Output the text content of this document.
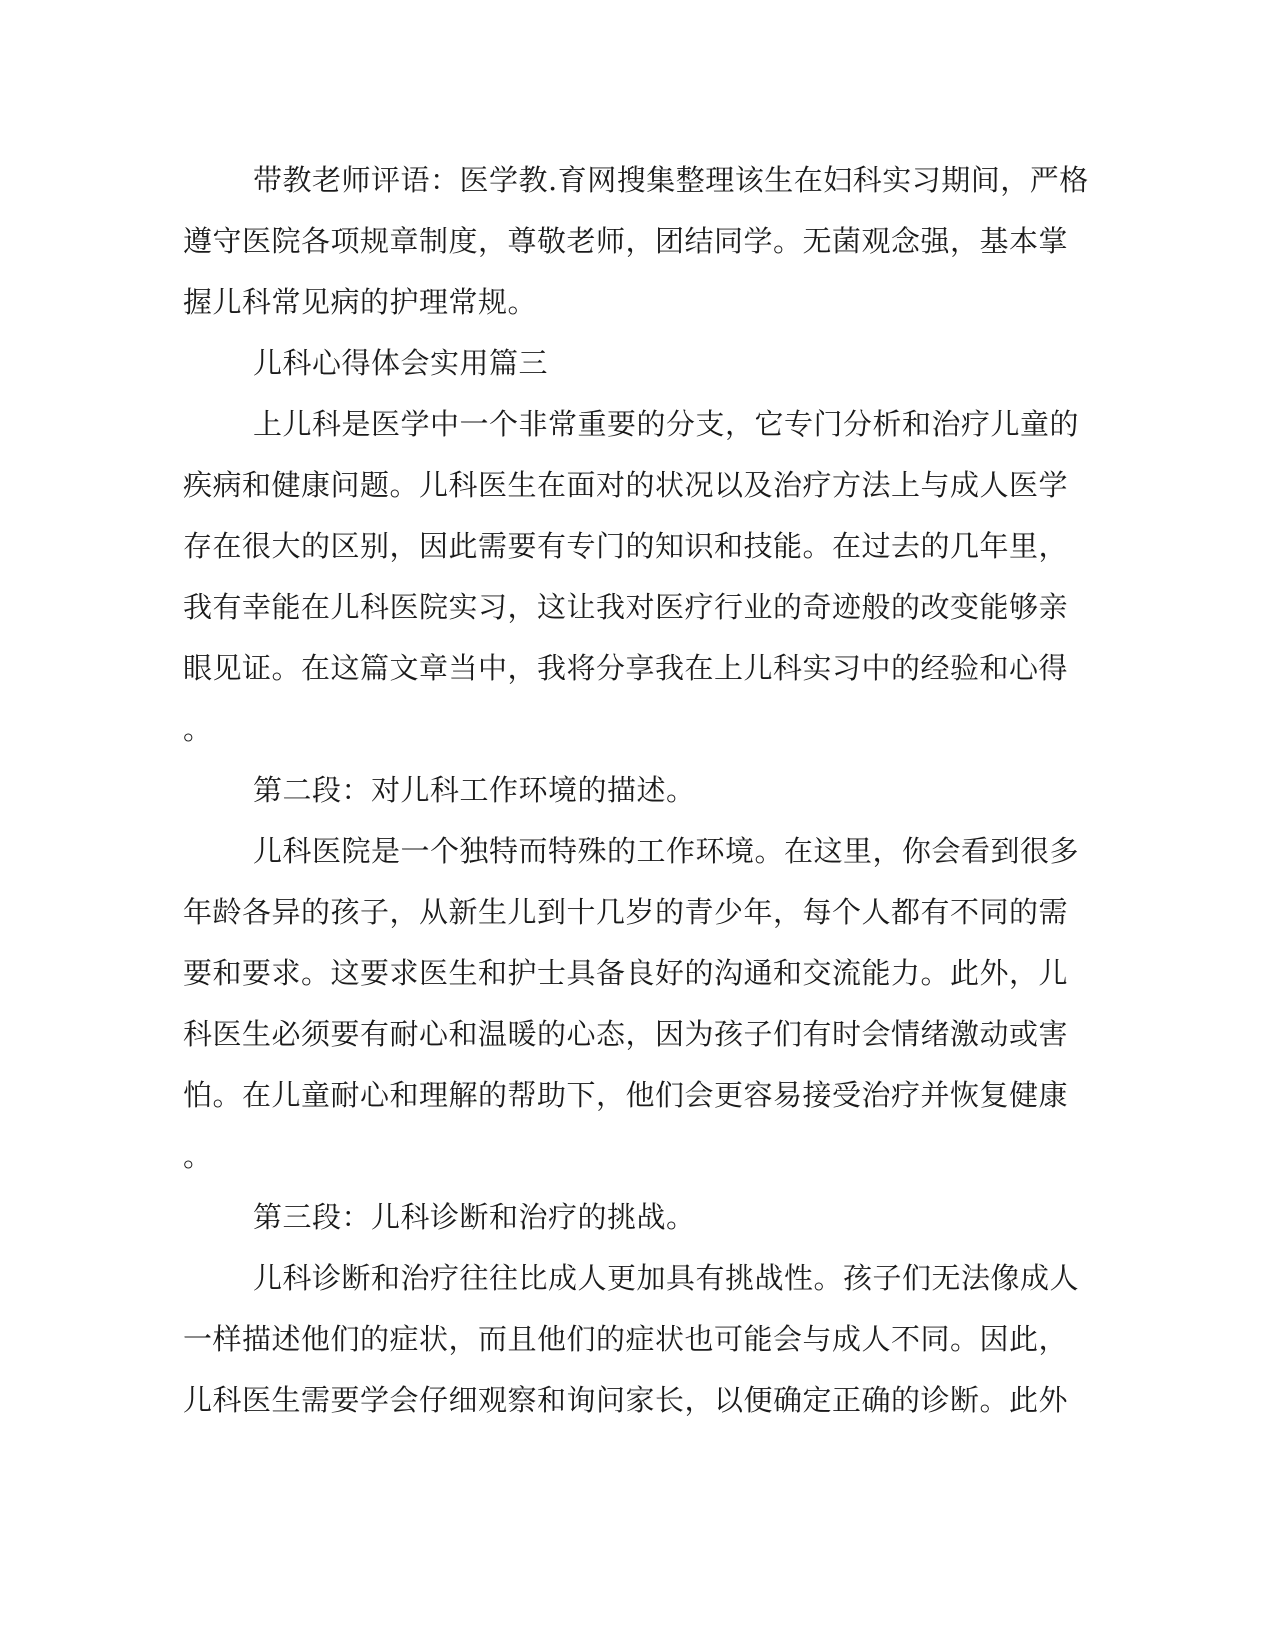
带教老师评语：医学教.育网搜集整理该生在妇科实习期间，严格
遵守医院各项规章制度，尊敬老师，团结同学。无菌观念强，基本掌
握儿科常见病的护理常规。
儿科心得体会实用篇三
上儿科是医学中一个非常重要的分支，它专门分析和治疗儿童的
疾病和健康问题。儿科医生在面对的状况以及治疗方法上与成人医学
存在很大的区别，因此需要有专门的知识和技能。在过去的几年里，
我有幸能在儿科医院实习，这让我对医疗行业的奇迹般的改变能够亲
眼见证。在这篇文章当中，我将分享我在上儿科实习中的经验和心得
。
第二段：对儿科工作环境的描述。
儿科医院是一个独特而特殊的工作环境。在这里，你会看到很多
年龄各异的孩子，从新生儿到十几岁的青少年，每个人都有不同的需
要和要求。这要求医生和护士具备良好的沟通和交流能力。此外，儿
科医生必须要有耐心和温暖的心态，因为孩子们有时会情绪激动或害
怕。在儿童耐心和理解的帮助下，他们会更容易接受治疗并恢复健康
。
第三段：儿科诊断和治疗的挑战。
儿科诊断和治疗往往比成人更加具有挑战性。孩子们无法像成人
一样描述他们的症状，而且他们的症状也可能会与成人不同。因此，
儿科医生需要学会仔细观察和询问家长，以便确定正确的诊断。此外
